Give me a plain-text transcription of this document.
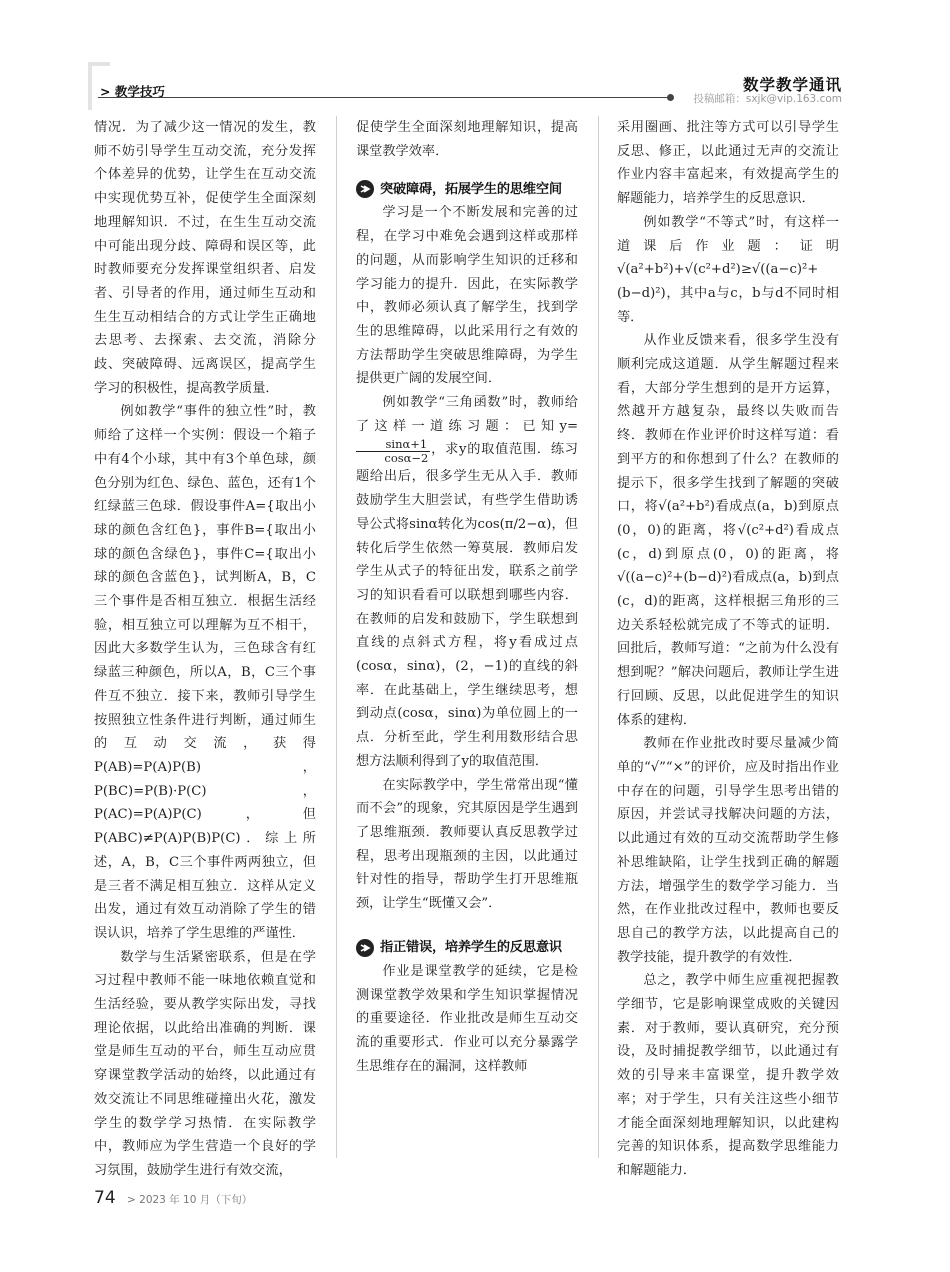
> 教学技巧	数学教学通讯
投稿邮箱：sxjk@vip.163.com

情况．为了减少这一情况的发生，教师不妨引导学生互动交流，充分发挥个体差异的优势，让学生在互动交流中实现优势互补，促使学生全面深刻地理解知识．不过，在生生互动交流中可能出现分歧、障碍和误区等，此时教师要充分发挥课堂组织者、启发者、引导者的作用，通过师生互动和生生互动相结合的方式让学生正确地去思考、去探索、去交流，消除分歧、突破障碍、远离误区，提高学生学习的积极性，提高教学质量．

例如教学“事件的独立性”时，教师给了这样一个实例：假设一个箱子中有4个小球，其中有3个单色球，颜色分别为红色、绿色、蓝色，还有1个红绿蓝三色球．假设事件A={取出小球的颜色含红色}，事件B={取出小球的颜色含绿色}，事件C={取出小球的颜色含蓝色}，试判断A，B，C三个事件是否相互独立．根据生活经验，相互独立可以理解为互不相干，因此大多数学生认为，三色球含有红绿蓝三种颜色，所以A，B，C三个事件互不独立．接下来，教师引导学生按照独立性条件进行判断，通过师生的互动交流，获得P(AB)=P(A)P(B)，P(BC)=P(B)·P(C)，P(AC)=P(A)P(C)，但P(ABC)≠P(A)P(B)P(C)．综上所述，A，B，C三个事件两两独立，但是三者不满足相互独立．这样从定义出发，通过有效互动消除了学生的错误认识，培养了学生思维的严谨性．

数学与生活紧密联系，但是在学习过程中教师不能一味地依赖直觉和生活经验，要从教学实际出发，寻找理论依据，以此给出准确的判断．课堂是师生互动的平台，师生互动应贯穿课堂教学活动的始终，以此通过有效交流让不同思维碰撞出火花，激发学生的数学学习热情．在实际教学中，教师应为学生营造一个良好的学习氛围，鼓励学生进行有效交流，

促使学生全面深刻地理解知识，提高课堂教学效率．

突破障碍，拓展学生的思维空间

学习是一个不断发展和完善的过程，在学习中难免会遇到这样或那样的问题，从而影响学生知识的迁移和学习能力的提升．因此，在实际教学中，教师必须认真了解学生，找到学生的思维障碍，以此采用行之有效的方法帮助学生突破思维障碍，为学生提供更广阔的发展空间．

例如教学“三角函数”时，教师给了这样一道练习题：已知y=
$\frac{\sin\alpha+1}{\cos\alpha-2}$ ，求y的取值范围．练习题给出后，很多学生无从入手．教师鼓励学生大胆尝试，有些学生借助诱导公式将sinα转化为cos(π/2−α)，但转化后学生依然一筹莫展．教师启发学生从式子的特征出发，联系之前学习的知识看看可以联想到哪些内容．在教师的启发和鼓励下，学生联想到直线的点斜式方程，将y看成过点(cosα，sinα)，(2，−1)的直线的斜率．在此基础上，学生继续思考，想到动点(cosα，sinα)为单位圆上的一点．分析至此，学生利用数形结合思想方法顺利得到了y的取值范围．

在实际教学中，学生常常出现“懂而不会”的现象，究其原因是学生遇到了思维瓶颈．教师要认真反思教学过程，思考出现瓶颈的主因，以此通过针对性的指导，帮助学生打开思维瓶颈，让学生“既懂又会”．

指正错误，培养学生的反思意识

作业是课堂教学的延续，它是检测课堂教学效果和学生知识掌握情况的重要途径．作业批改是师生互动交流的重要形式．作业可以充分暴露学生思维存在的漏洞，这样教师

采用圈画、批注等方式可以引导学生反思、修正，以此通过无声的交流让作业内容丰富起来，有效提高学生的解题能力，培养学生的反思意识．

例如教学“不等式”时，有这样一道课后作业题：证明√(a²+b²)+√(c²+d²)≥√((a−c)²+(b−d)²)，其中a与c，b与d不同时相等．

从作业反馈来看，很多学生没有顺利完成这道题．从学生解题过程来看，大部分学生想到的是开方运算，然越开方越复杂，最终以失败而告终．教师在作业评价时这样写道：看到平方的和你想到了什么？在教师的提示下，很多学生找到了解题的突破口，将√(a²+b²)看成点(a，b)到原点(0，0)的距离，将√(c²+d²)看成点(c，d)到原点(0，0)的距离，将√((a−c)²+(b−d)²)看成点(a，b)到点(c，d)的距离，这样根据三角形的三边关系轻松就完成了不等式的证明．回批后，教师写道：“之前为什么没有想到呢？”解决问题后，教师让学生进行回顾、反思，以此促进学生的知识体系的建构．

教师在作业批改时要尽量减少简单的“√”“×”的评价，应及时指出作业中存在的问题，引导学生思考出错的原因，并尝试寻找解决问题的方法，以此通过有效的互动交流帮助学生修补思维缺陷，让学生找到正确的解题方法，增强学生的数学学习能力．当然，在作业批改过程中，教师也要反思自己的教学方法，以此提高自己的教学技能，提升教学的有效性．

总之，教学中师生应重视把握教学细节，它是影响课堂成败的关键因素．对于教师，要认真研究，充分预设，及时捕捉教学细节，以此通过有效的引导来丰富课堂，提升教学效率；对于学生，只有关注这些小细节才能全面深刻地理解知识，以此建构完善的知识体系，提高数学思维能力和解题能力．

74 > 2023 年 10 月（下旬）
